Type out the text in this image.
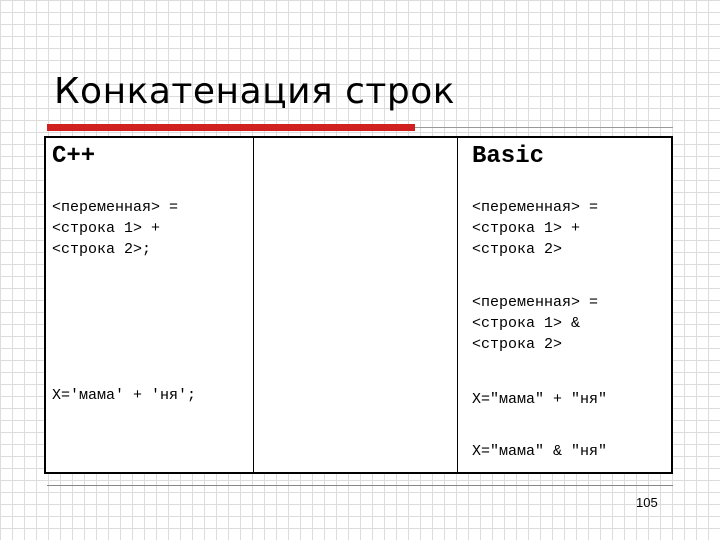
Конкатенация строк
C++	Basic
<переменная> =
<строка 1> +
<строка 2>;
X='мама' + 'ня';
<переменная> =
<строка 1> +
<строка 2>
<переменная> =
<строка 1> &
<строка 2>
X="мама" + "ня"
X="мама" & "ня"
105
